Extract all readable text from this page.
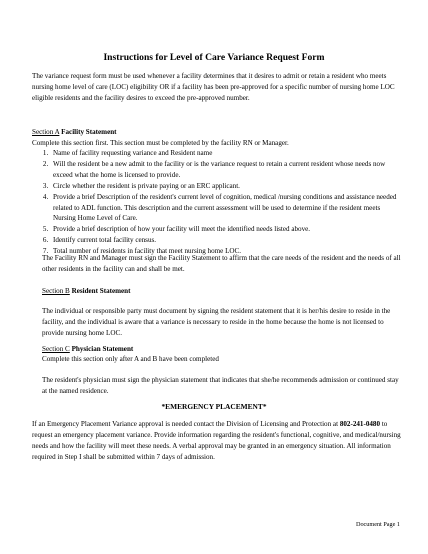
Instructions for Level of Care Variance Request Form
The variance request form must be used whenever a facility determines that it desires to admit or retain a resident who meets nursing home level of care (LOC) eligibility OR if a facility has been pre-approved for a specific number of nursing home LOC eligible residents and the facility desires to exceed the pre-approved number.
Section A Facility Statement
Complete this section first. This section must be completed by the facility RN or Manager.
1. Name of facility requesting variance and Resident name
2. Will the resident be a new admit to the facility or is the variance request to retain a current resident whose needs now exceed what the home is licensed to provide.
3. Circle whether the resident is private paying or an ERC applicant.
4. Provide a brief Description of the resident's current level of cognition, medical /nursing conditions and assistance needed related to ADL function. This description and the current assessment will be used to determine if the resident meets Nursing Home Level of Care.
5. Provide a brief description of how your facility will meet the identified needs listed above.
6. Identify current total facility census.
7. Total number of residents in facility that meet nursing home LOC.
The Facility RN and Manager must sign the Facility Statement to affirm that the care needs of the resident and the needs of all other residents in the facility can and shall be met.
Section B Resident Statement
The individual or responsible party must document by signing the resident statement that it is her/his desire to reside in the facility, and the individual is aware that a variance is necessary to reside in the home because the home is not licensed to provide nursing home LOC.
Section C Physician Statement
Complete this section only after A and B have been completed
The resident's physician must sign the physician statement that indicates that she/he recommends admission or continued stay at the named residence.
*EMERGENCY PLACEMENT*
If an Emergency Placement Variance approval is needed contact the Division of Licensing and Protection at 802-241-0480 to request an emergency placement variance. Provide information regarding the resident's functional, cognitive, and medical/nursing needs and how the facility will meet these needs. A verbal approval may be granted in an emergency situation. All information required in Step I shall be submitted within 7 days of admission.
Document Page 1
